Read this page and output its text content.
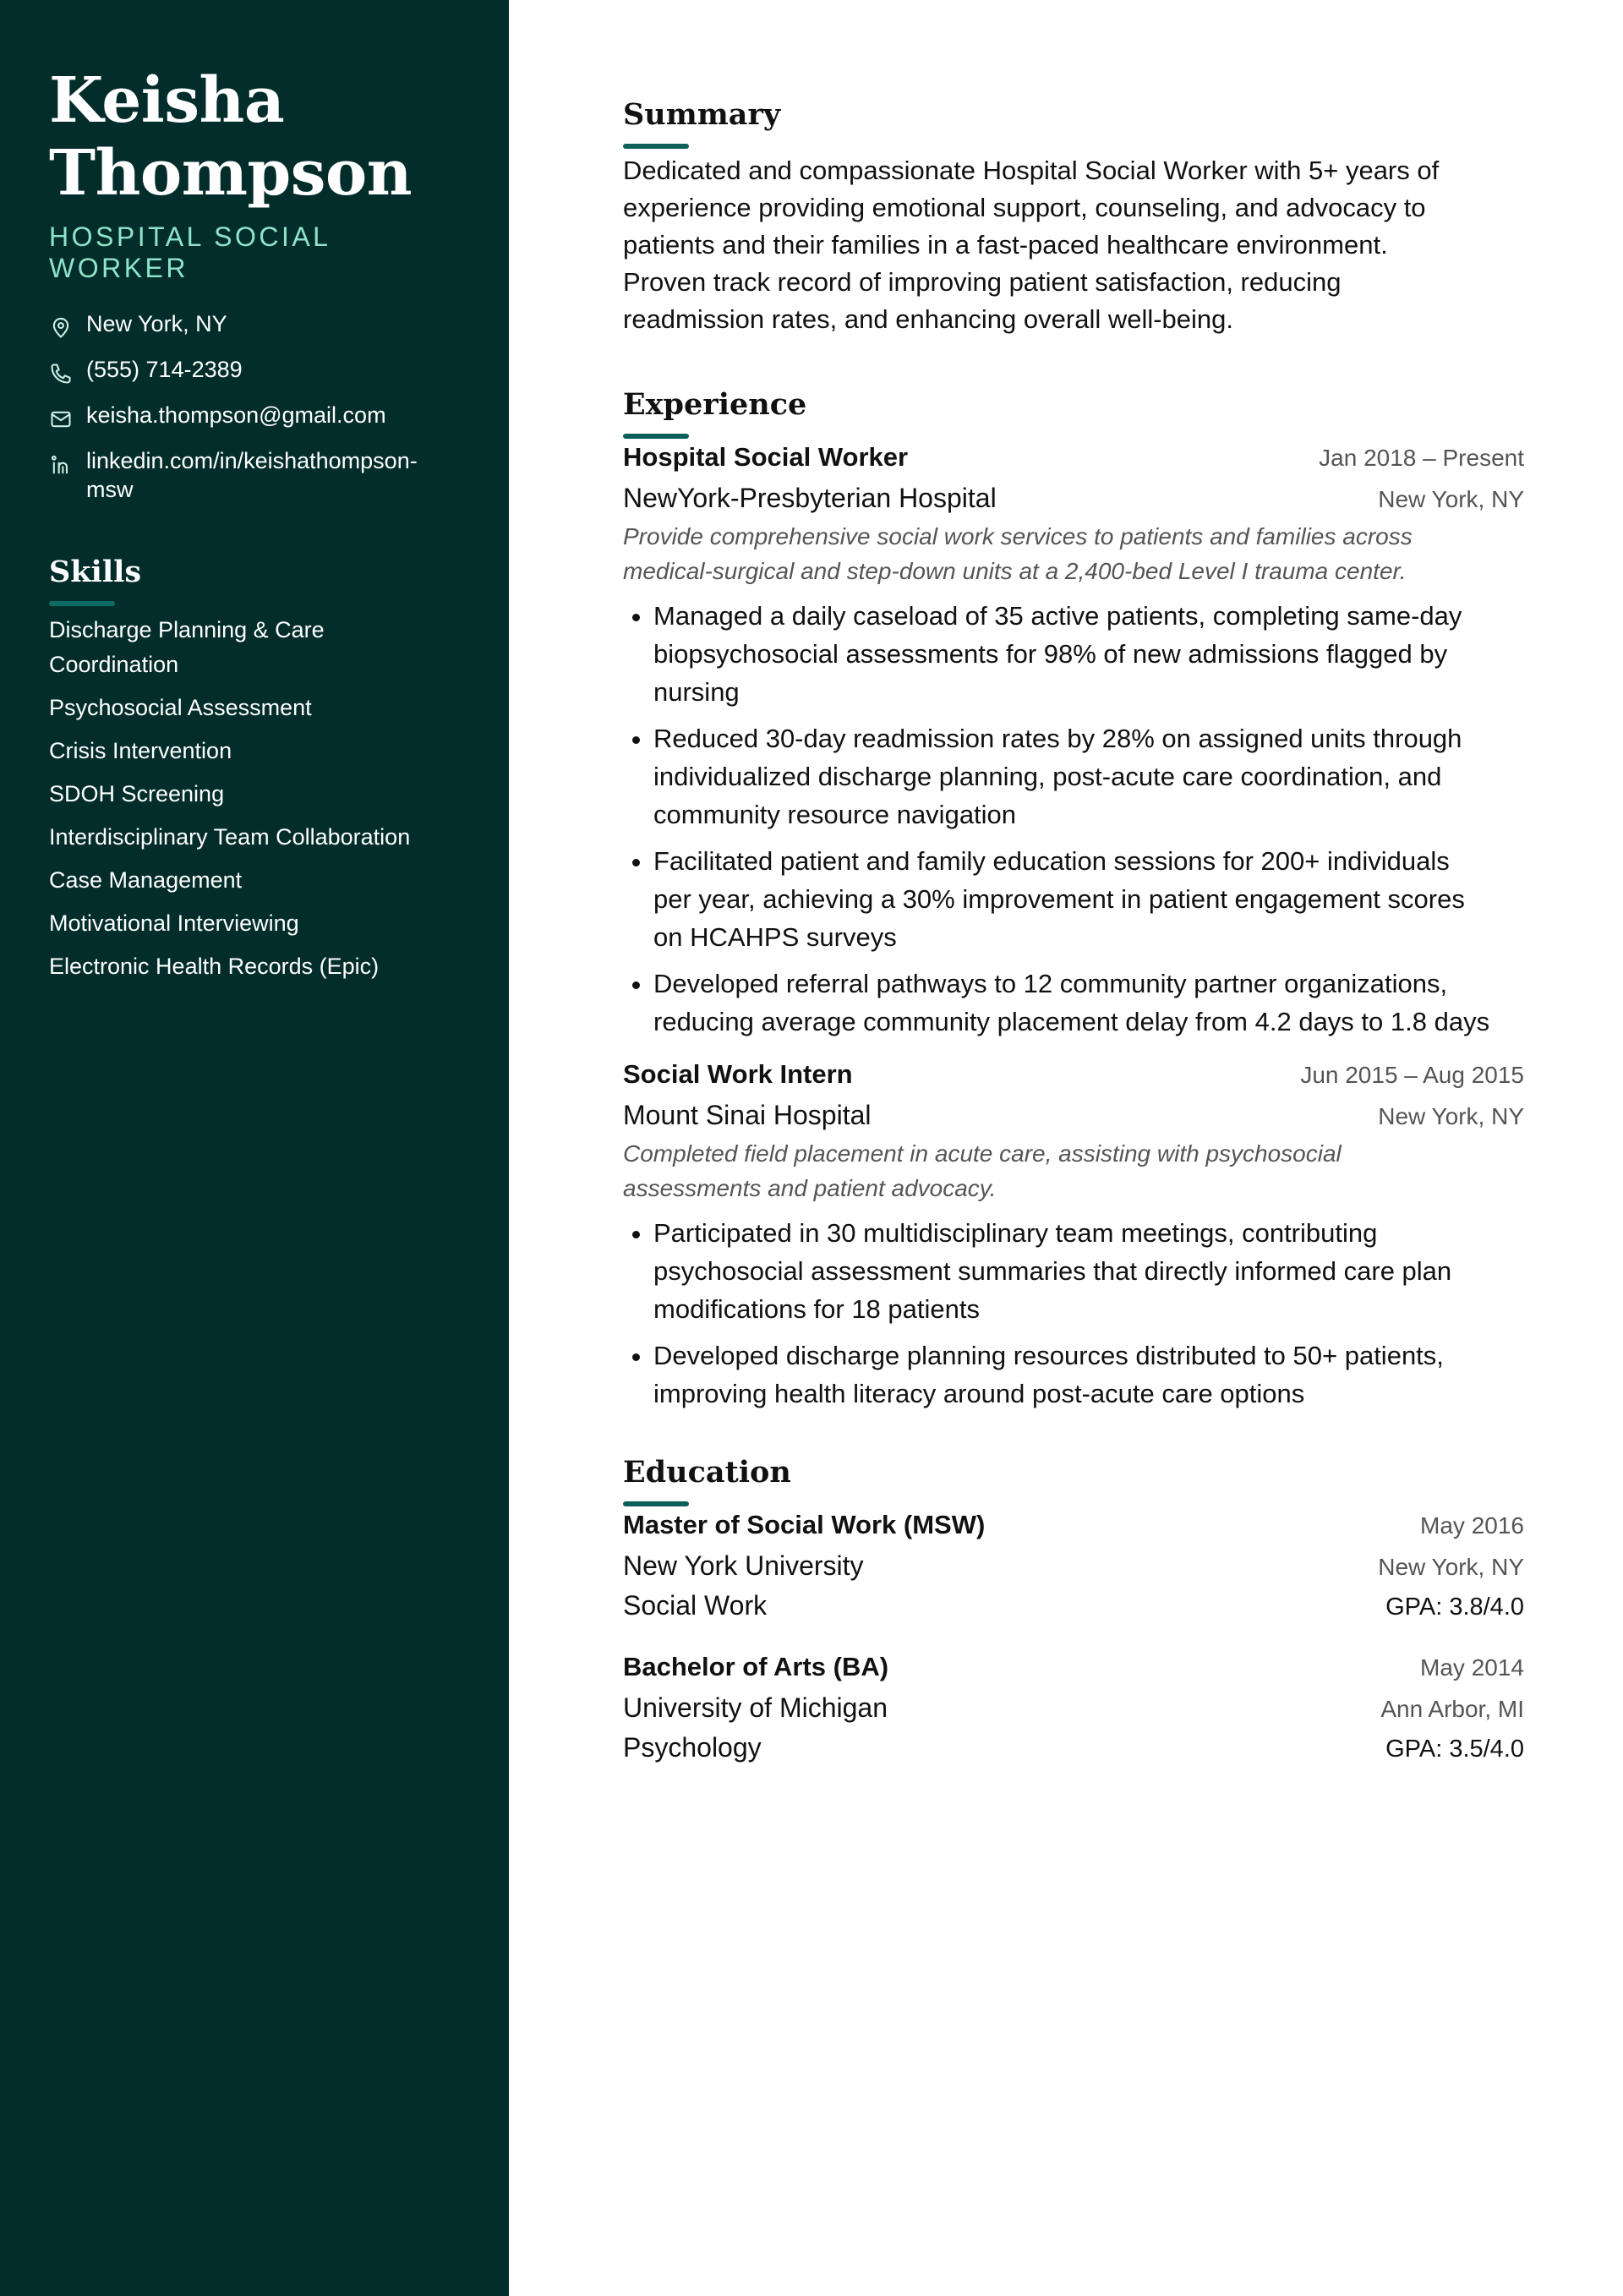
Keisha
Thompson
HOSPITAL SOCIAL WORKER
New York, NY
(555) 714-2389
keisha.thompson@gmail.com
linkedin.com/in/keishathompson-
msw
Skills
Discharge Planning & Care
Coordination
Psychosocial Assessment
Crisis Intervention
SDOH Screening
Interdisciplinary Team Collaboration
Case Management
Motivational Interviewing
Electronic Health Records (Epic)
Summary
Dedicated and compassionate Hospital Social Worker with 5+ years of
experience providing emotional support, counseling, and advocacy to
patients and their families in a fast-paced healthcare environment.
Proven track record of improving patient satisfaction, reducing
readmission rates, and enhancing overall well-being.
Experience
Hospital Social Worker	Jan 2018 – Present
NewYork-Presbyterian Hospital	New York, NY
Provide comprehensive social work services to patients and families across
medical-surgical and step-down units at a 2,400-bed Level I trauma center.
• Managed a daily caseload of 35 active patients, completing same-day
biopsychosocial assessments for 98% of new admissions flagged by
nursing
• Reduced 30-day readmission rates by 28% on assigned units through
individualized discharge planning, post-acute care coordination, and
community resource navigation
• Facilitated patient and family education sessions for 200+ individuals
per year, achieving a 30% improvement in patient engagement scores
on HCAHPS surveys
• Developed referral pathways to 12 community partner organizations,
reducing average community placement delay from 4.2 days to 1.8 days
Social Work Intern	Jun 2015 – Aug 2015
Mount Sinai Hospital	New York, NY
Completed field placement in acute care, assisting with psychosocial
assessments and patient advocacy.
• Participated in 30 multidisciplinary team meetings, contributing
psychosocial assessment summaries that directly informed care plan
modifications for 18 patients
• Developed discharge planning resources distributed to 50+ patients,
improving health literacy around post-acute care options
Education
Master of Social Work (MSW)	May 2016
New York University	New York, NY
Social Work	GPA: 3.8/4.0
Bachelor of Arts (BA)	May 2014
University of Michigan	Ann Arbor, MI
Psychology	GPA: 3.5/4.0
